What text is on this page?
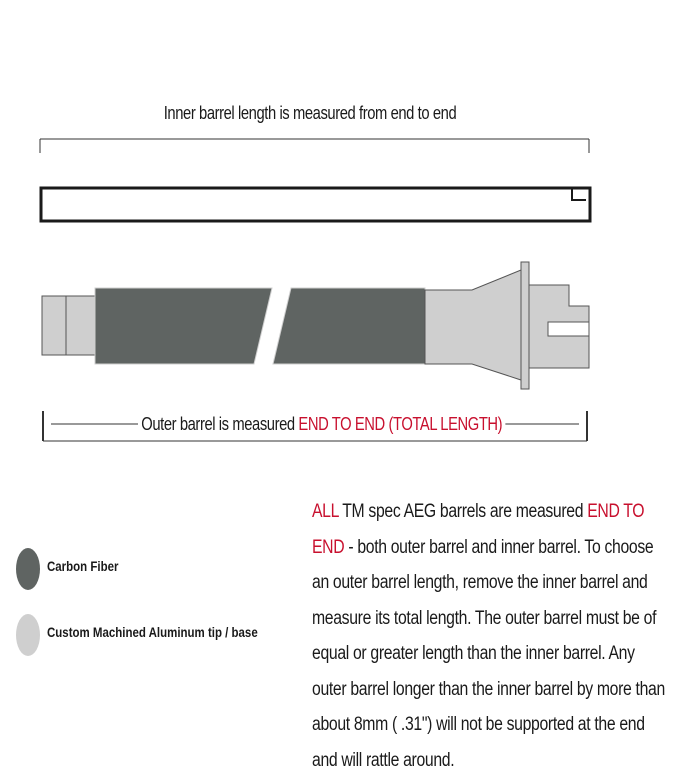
Inner barrel length is measured from end to end
Outer barrel is measured END TO END (TOTAL LENGTH)
Carbon Fiber
Custom Machined Aluminum tip / base
ALL TM spec AEG barrels are measured END TO END - both outer barrel and inner barrel. To choose an outer barrel length, remove the inner barrel and measure its total length. The outer barrel must be of equal or greater length than the inner barrel. Any outer barrel longer than the inner barrel by more than about 8mm ( .31") will not be supported at the end and will rattle around.
